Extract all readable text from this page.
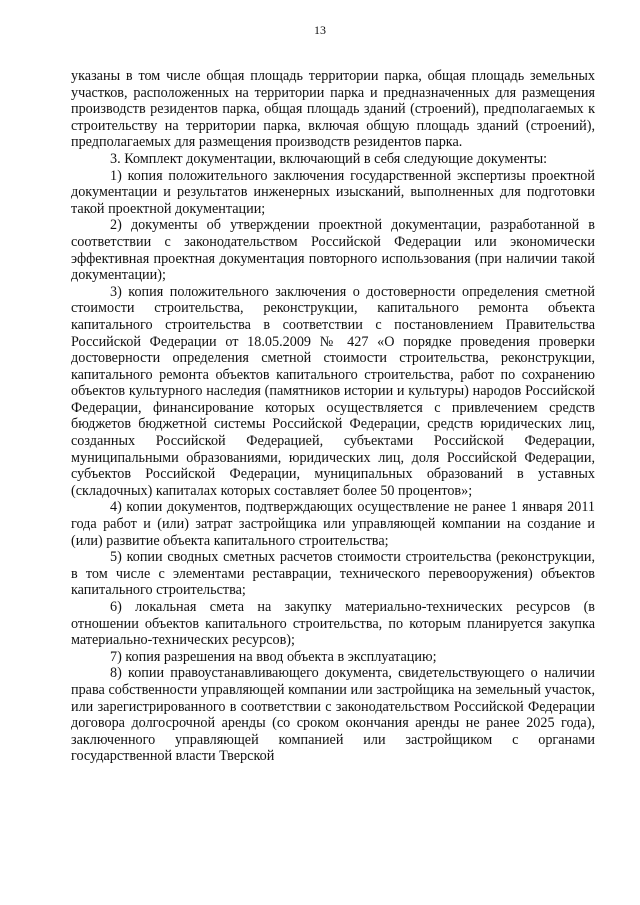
13

указаны в том числе общая площадь территории парка, общая площадь земельных участков, расположенных на территории парка и предназначенных для размещения производств резидентов парка, общая площадь зданий (строений), предполагаемых к строительству на территории парка, включая общую площадь зданий (строений), предполагаемых для размещения производств резидентов парка.

3. Комплект документации, включающий в себя следующие документы:

1) копия положительного заключения государственной экспертизы проектной документации и результатов инженерных изысканий, выполненных для подготовки такой проектной документации;

2) документы об утверждении проектной документации, разработанной в соответствии с законодательством Российской Федерации или экономически эффективная проектная документация повторного использования (при наличии такой документации);

3) копия положительного заключения о достоверности определения сметной стоимости строительства, реконструкции, капитального ремонта объекта капитального строительства в соответствии с постановлением Правительства Российской Федерации от 18.05.2009 № 427 «О порядке проведения проверки достоверности определения сметной стоимости строительства, реконструкции, капитального ремонта объектов капитального строительства, работ по сохранению объектов культурного наследия (памятников истории и культуры) народов Российской Федерации, финансирование которых осуществляется с привлечением средств бюджетов бюджетной системы Российской Федерации, средств юридических лиц, созданных Российской Федерацией, субъектами Российской Федерации, муниципальными образованиями, юридических лиц, доля Российской Федерации, субъектов Российской Федерации, муниципальных образований в уставных (складочных) капиталах которых составляет более 50 процентов»;

4) копии документов, подтверждающих осуществление не ранее 1 января 2011 года работ и (или) затрат застройщика или управляющей компании на создание и (или) развитие объекта капитального строительства;

5) копии сводных сметных расчетов стоимости строительства (реконструкции, в том числе с элементами реставрации, технического перевооружения) объектов капитального строительства;

6) локальная смета на закупку материально-технических ресурсов (в отношении объектов капитального строительства, по которым планируется закупка материально-технических ресурсов);

7) копия разрешения на ввод объекта в эксплуатацию;

8) копии правоустанавливающего документа, свидетельствующего о наличии права собственности управляющей компании или застройщика на земельный участок, или зарегистрированного в соответствии с законодательством Российской Федерации договора долгосрочной аренды (со сроком окончания аренды не ранее 2025 года), заключенного управляющей компанией или застройщиком с органами государственной власти Тверской
